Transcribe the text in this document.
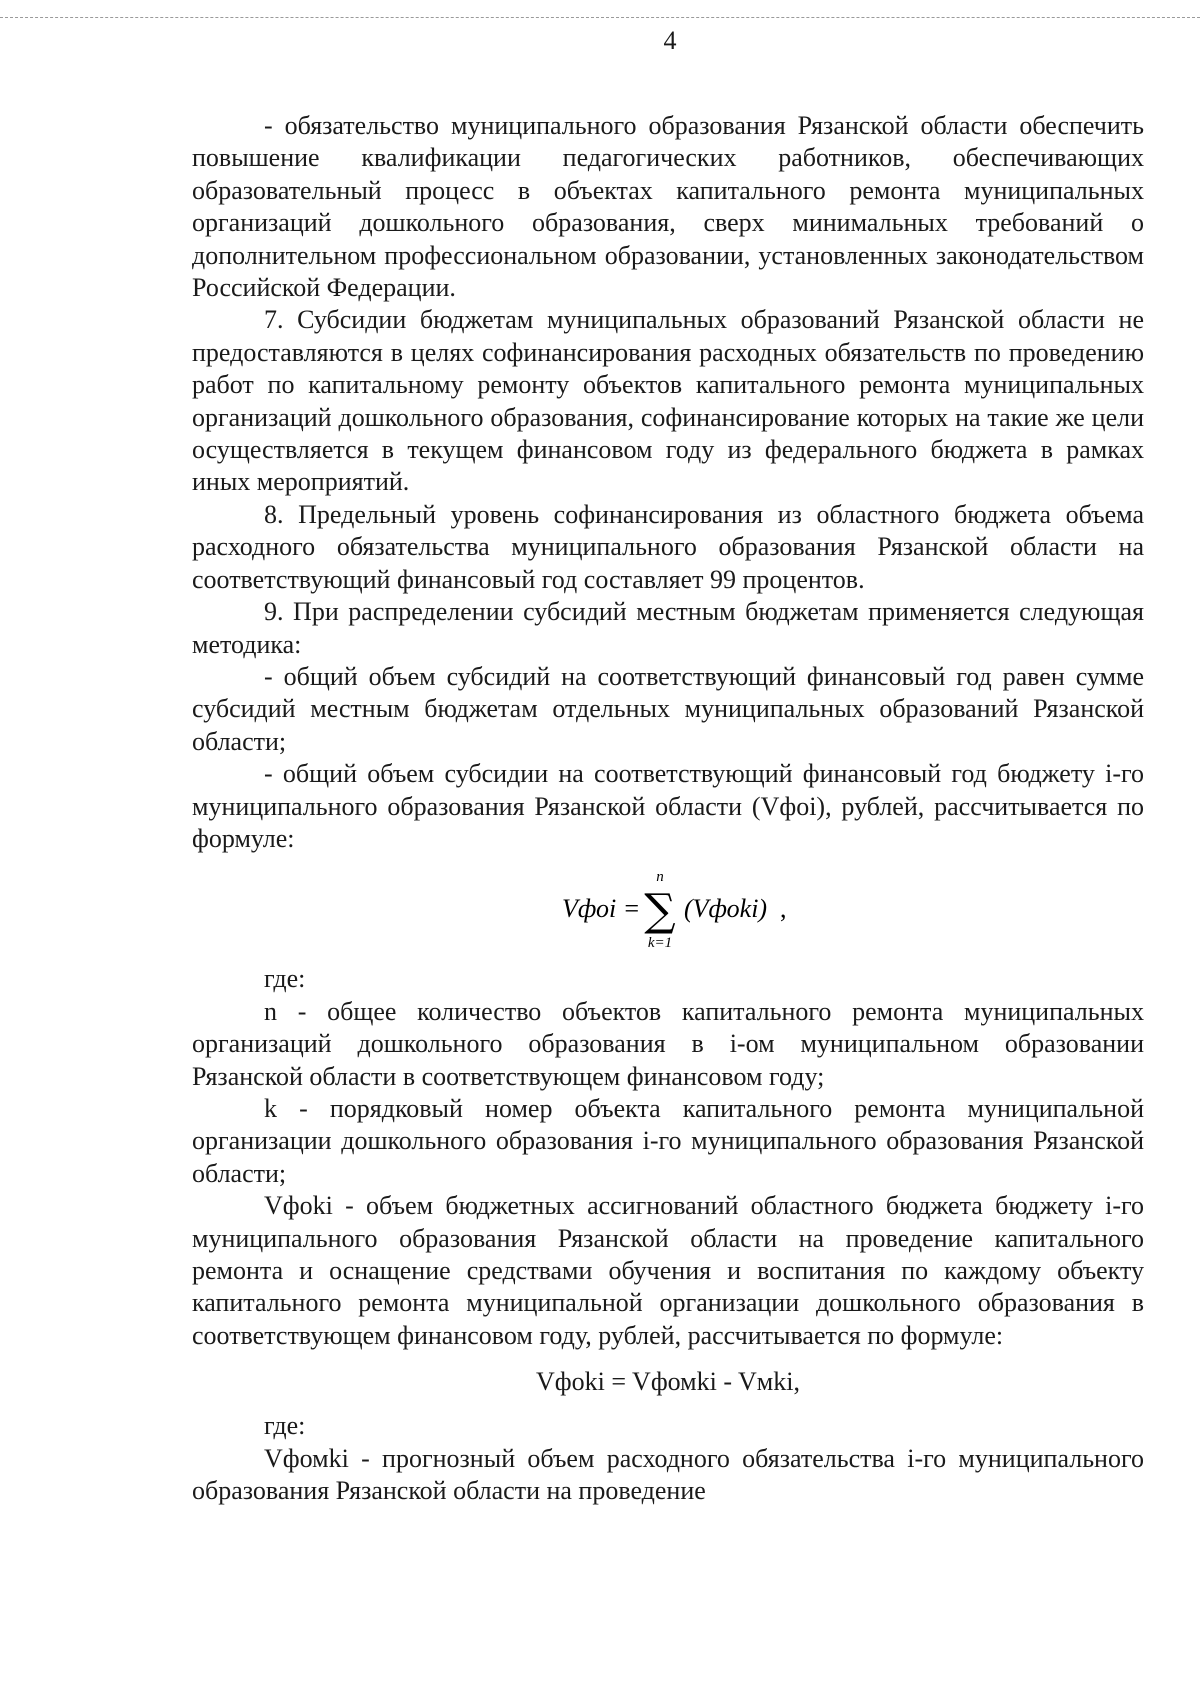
4

- обязательство муниципального образования Рязанской области обеспечить повышение квалификации педагогических работников, обеспечивающих образовательный процесс в объектах капитального ремонта муниципальных организаций дошкольного образования, сверх минимальных требований о дополнительном профессиональном образовании, установленных законодательством Российской Федерации.

7. Субсидии бюджетам муниципальных образований Рязанской области не предоставляются в целях софинансирования расходных обязательств по проведению работ по капитальному ремонту объектов капитального ремонта муниципальных организаций дошкольного образования, софинансирование которых на такие же цели осуществляется в текущем финансовом году из федерального бюджета в рамках иных мероприятий.

8. Предельный уровень софинансирования из областного бюджета объема расходного обязательства муниципального образования Рязанской области на соответствующий финансовый год составляет 99 процентов.

9. При распределении субсидий местным бюджетам применяется следующая методика:

- общий объем субсидий на соответствующий финансовый год равен сумме субсидий местным бюджетам отдельных муниципальных образований Рязанской области;

- общий объем субсидии на соответствующий финансовый год бюджету i-го муниципального образования Рязанской области (Vфоi), рублей, рассчитывается по формуле:

Vфоi =
n
∑
k=1
(Vфоki) ,

где:

n - общее количество объектов капитального ремонта муниципальных организаций дошкольного образования в i-ом муниципальном образовании Рязанской области в соответствующем финансовом году;

k - порядковый номер объекта капитального ремонта муниципальной организации дошкольного образования i-го муниципального образования Рязанской области;

Vфоki - объем бюджетных ассигнований областного бюджета бюджету i-го муниципального образования Рязанской области на проведение капитального ремонта и оснащение средствами обучения и воспитания по каждому объекту капитального ремонта муниципальной организации дошкольного образования в соответствующем финансовом году, рублей, рассчитывается по формуле:

Vфоki = Vфомki - Vмki,

где:

Vфомki - прогнозный объем расходного обязательства i-го муниципального образования Рязанской области на проведение
